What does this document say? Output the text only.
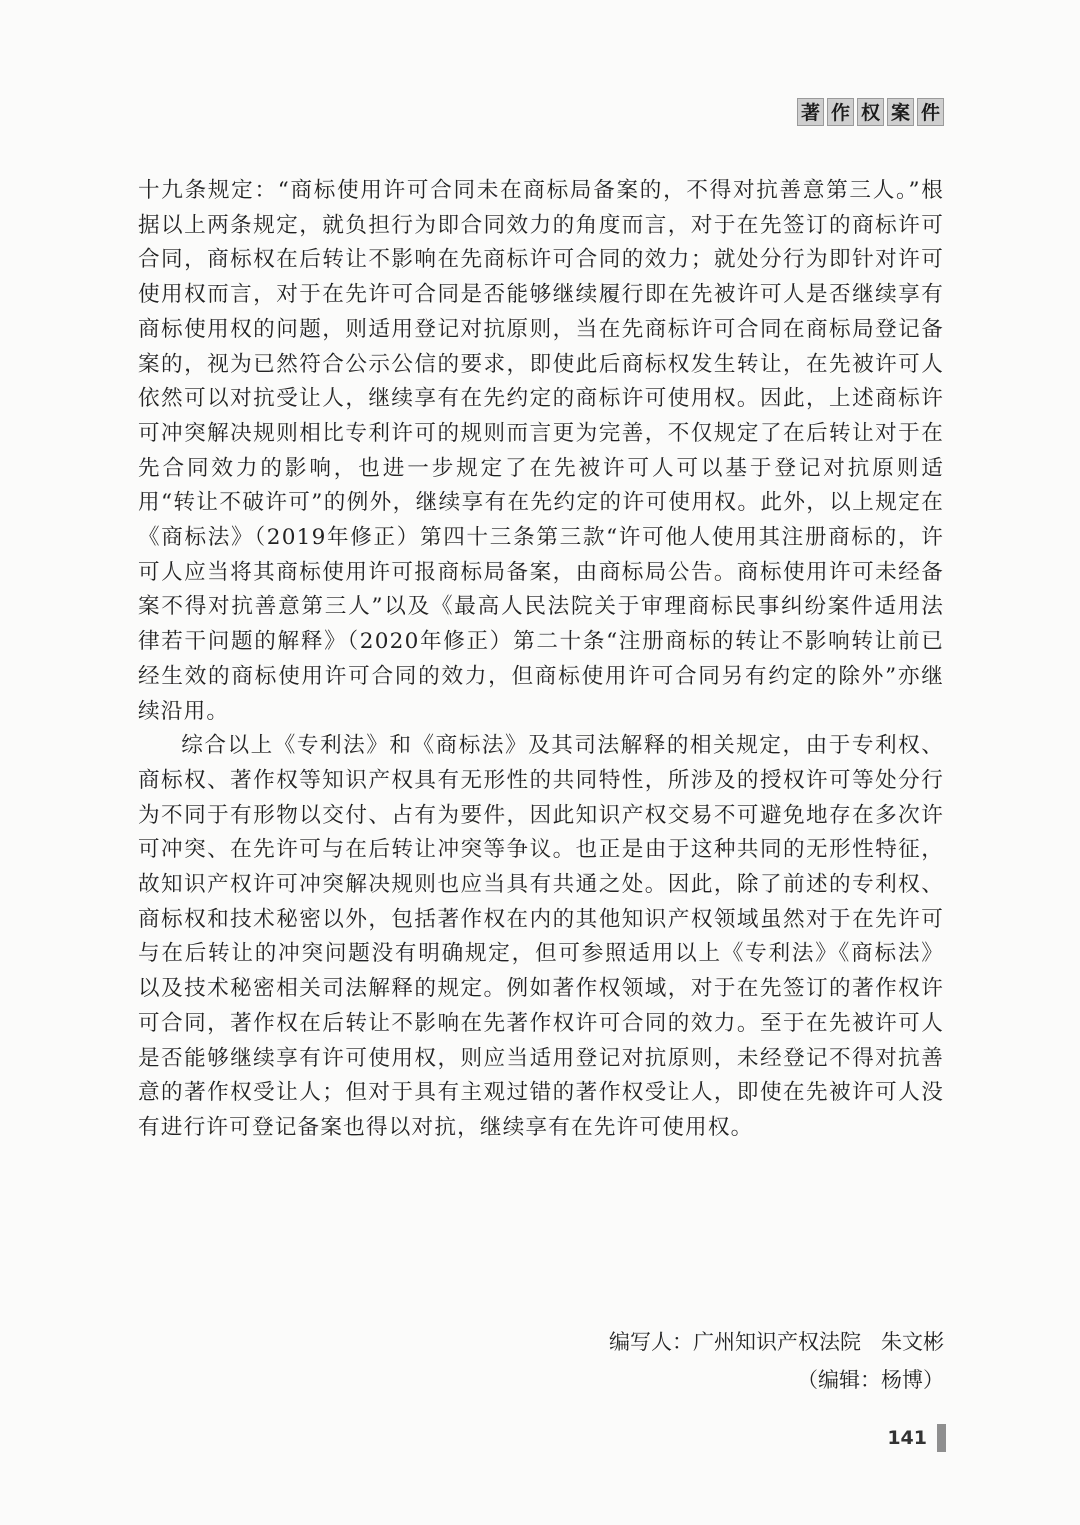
著 作 权 案 件

十九条规定：“商标使用许可合同未在商标局备案的，不得对抗善意第三人。”根据以上两条规定，就负担行为即合同效力的角度而言，对于在先签订的商标许可合同，商标权在后转让不影响在先商标许可合同的效力；就处分行为即针对许可使用权而言，对于在先许可合同是否能够继续履行即在先被许可人是否继续享有商标使用权的问题，则适用登记对抗原则，当在先商标许可合同在商标局登记备案的，视为已然符合公示公信的要求，即使此后商标权发生转让，在先被许可人依然可以对抗受让人，继续享有在先约定的商标许可使用权。因此，上述商标许可冲突解决规则相比专利许可的规则而言更为完善，不仅规定了在后转让对于在先合同效力的影响，也进一步规定了在先被许可人可以基于登记对抗原则适用“转让不破许可”的例外，继续享有在先约定的许可使用权。此外，以上规定在《商标法》（2019年修正）第四十三条第三款“许可他人使用其注册商标的，许可人应当将其商标使用许可报商标局备案，由商标局公告。商标使用许可未经备案不得对抗善意第三人”以及《最高人民法院关于审理商标民事纠纷案件适用法律若干问题的解释》（2020年修正）第二十条“注册商标的转让不影响转让前已经生效的商标使用许可合同的效力，但商标使用许可合同另有约定的除外”亦继续沿用。

综合以上《专利法》和《商标法》及其司法解释的相关规定，由于专利权、商标权、著作权等知识产权具有无形性的共同特性，所涉及的授权许可等处分行为不同于有形物以交付、占有为要件，因此知识产权交易不可避免地存在多次许可冲突、在先许可与在后转让冲突等争议。也正是由于这种共同的无形性特征，故知识产权许可冲突解决规则也应当具有共通之处。因此，除了前述的专利权、商标权和技术秘密以外，包括著作权在内的其他知识产权领域虽然对于在先许可与在后转让的冲突问题没有明确规定，但可参照适用以上《专利法》《商标法》以及技术秘密相关司法解释的规定。例如著作权领域，对于在先签订的著作权许可合同，著作权在后转让不影响在先著作权许可合同的效力。至于在先被许可人是否能够继续享有许可使用权，则应当适用登记对抗原则，未经登记不得对抗善意的著作权受让人；但对于具有主观过错的著作权受让人，即使在先被许可人没有进行许可登记备案也得以对抗，继续享有在先许可使用权。

编写人：广州知识产权法院   朱文彬
（编辑：杨博）
141
